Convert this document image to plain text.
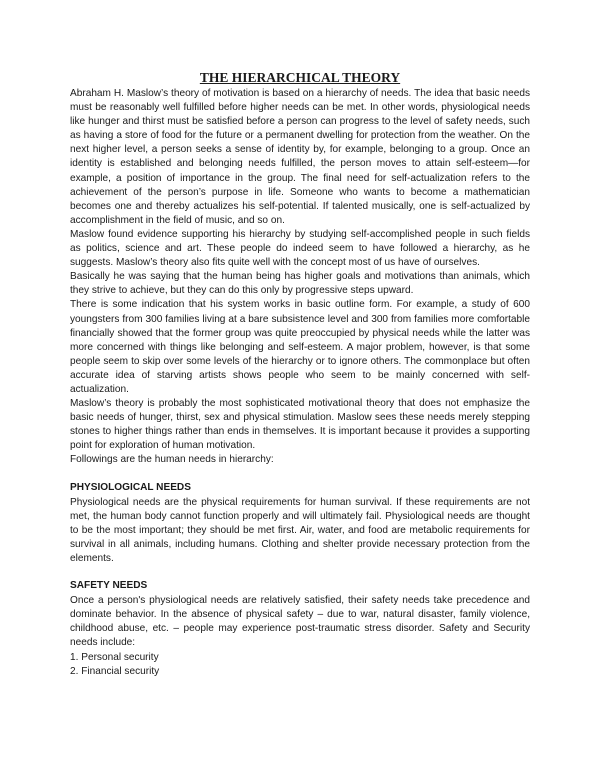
THE HIERARCHICAL THEORY

Abraham H. Maslow’s theory of motivation is based on a hierarchy of needs. The idea that basic needs must be reasonably well fulfilled before higher needs can be met. In other words, physiological needs like hunger and thirst must be satisfied before a person can progress to the level of safety needs, such as having a store of food for the future or a permanent dwelling for protection from the weather. On the next higher level, a person seeks a sense of identity by, for example, belonging to a group. Once an identity is established and belonging needs fulfilled, the person moves to attain self-esteem—for example, a position of importance in the group. The final need for self-actualization refers to the achievement of the person’s purpose in life. Someone who wants to become a mathematician becomes one and thereby actualizes his self-potential. If talented musically, one is self-actualized by accomplishment in the field of music, and so on.

Maslow found evidence supporting his hierarchy by studying self-accomplished people in such fields as politics, science and art. These people do indeed seem to have followed a hierarchy, as he suggests. Maslow’s theory also fits quite well with the concept most of us have of ourselves.

Basically he was saying that the human being has higher goals and motivations than animals, which they strive to achieve, but they can do this only by progressive steps upward.

There is some indication that his system works in basic outline form. For example, a study of 600 youngsters from 300 families living at a bare subsistence level and 300 from families more comfortable financially showed that the former group was quite preoccupied by physical needs while the latter was more concerned with things like belonging and self-esteem. A major problem, however, is that some people seem to skip over some levels of the hierarchy or to ignore others. The commonplace but often accurate idea of starving artists shows people who seem to be mainly concerned with self-actualization.

Maslow’s theory is probably the most sophisticated motivational theory that does not emphasize the basic needs of hunger, thirst, sex and physical stimulation. Maslow sees these needs merely stepping stones to higher things rather than ends in themselves. It is important because it provides a supporting point for exploration of human motivation.

Followings are the human needs in hierarchy:

PHYSIOLOGICAL NEEDS

Physiological needs are the physical requirements for human survival. If these requirements are not met, the human body cannot function properly and will ultimately fail. Physiological needs are thought to be the most important; they should be met first. Air, water, and food are metabolic requirements for survival in all animals, including humans. Clothing and shelter provide necessary protection from the elements.

SAFETY NEEDS

Once a person's physiological needs are relatively satisfied, their safety needs take precedence and dominate behavior. In the absence of physical safety – due to war, natural disaster, family violence, childhood abuse, etc. – people may experience post-traumatic stress disorder. Safety and Security needs include:

1. Personal security
2. Financial security
